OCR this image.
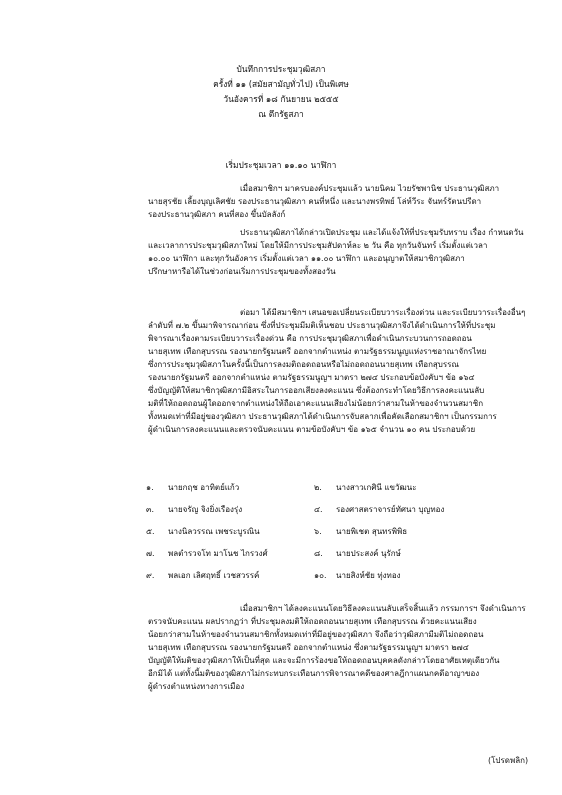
บันทึกการประชุมวุฒิสภา
ครั้งที่ ๑๑ (สมัยสามัญทั่วไป) เป็นพิเศษ
วันอังคารที่ ๑๘ กันยายน ๒๕๕๕
ณ ตึกรัฐสภา
เริ่มประชุมเวลา ๑๑.๑๐ นาฬิกา
เมื่อสมาชิกฯ มาครบองค์ประชุมแล้ว นายนิคม ไวยรัชพานิช ประธานวุฒิสภา
นายสุรชัย เลี้ยงบุญเลิศชัย รองประธานวุฒิสภา คนที่หนึ่ง และนางพรทิพย์ โล่ห์วีระ จันทร์รัตนปรีดา
รองประธานวุฒิสภา คนที่สอง ขึ้นบัลลังก์
ประธานวุฒิสภาได้กล่าวเปิดประชุม และได้แจ้งให้ที่ประชุมรับทราบ เรื่อง กำหนดวัน
และเวลาการประชุมวุฒิสภาใหม่ โดยให้มีการประชุมสัปดาห์ละ ๒ วัน คือ ทุกวันจันทร์ เริ่มตั้งแต่เวลา
๑๐.๐๐ นาฬิกา และทุกวันอังคาร เริ่มตั้งแต่เวลา ๑๑.๐๐ นาฬิกา และอนุญาตให้สมาชิกวุฒิสภา
ปรึกษาหารือได้ในช่วงก่อนเริ่มการประชุมของทั้งสองวัน
ต่อมา ได้มีสมาชิกฯ เสนอขอเปลี่ยนระเบียบวาระเรื่องด่วน และระเบียบวาระเรื่องอื่นๆ
ลำดับที่ ๗.๒ ขึ้นมาพิจารณาก่อน ซึ่งที่ประชุมมีมติเห็นชอบ ประธานวุฒิสภาจึงได้ดำเนินการให้ที่ประชุม
พิจารณาเรื่องตามระเบียบวาระเรื่องด่วน คือ การประชุมวุฒิสภาเพื่อดำเนินกระบวนการถอดถอน
นายสุเทพ เทือกสุบรรณ รองนายกรัฐมนตรี ออกจากตำแหน่ง ตามรัฐธรรมนูญแห่งราชอาณาจักรไทย
ซึ่งการประชุมวุฒิสภาในครั้งนี้เป็นการลงมติถอดถอนหรือไม่ถอดถอนนายสุเทพ เทือกสุบรรณ
รองนายกรัฐมนตรี ออกจากตำแหน่ง ตามรัฐธรรมนูญฯ มาตรา ๒๗๔ ประกอบข้อบังคับฯ ข้อ ๑๖๔
ซึ่งบัญญัติให้สมาชิกวุฒิสภามีอิสระในการออกเสียงลงคะแนน ซึ่งต้องกระทำโดยวิธีการลงคะแนนลับ
มติที่ให้ถอดถอนผู้ใดออกจากตำแหน่งให้ถือเอาคะแนนเสียงไม่น้อยกว่าสามในห้าของจำนวนสมาชิก
ทั้งหมดเท่าที่มีอยู่ของวุฒิสภา ประธานวุฒิสภาได้ดำเนินการจับสลากเพื่อคัดเลือกสมาชิกฯ เป็นกรรมการ
ผู้ดำเนินการลงคะแนนและตรวจนับคะแนน ตามข้อบังคับฯ ข้อ ๑๖๕ จำนวน ๑๐ คน ประกอบด้วย
๑. นายกฤช อาทิตย์แก้ว	๒. นางสาวเกศินี แขวัฒนะ
๓. นายจรัญ จิงยิ่งเรืองรุ่ง	๔. รองศาสตราจารย์ทัศนา บุญทอง
๕. นางนิลวรรณ เพชระบูรณิน	๖. นายพิเชต สุนทรพิพิธ
๗. พลตำรวจโท มาโนช ไกรวงศ์	๘. นายประสงค์ นุรักษ์
๙. พลเอก เลิศฤทธิ์ เวชสวรรค์	๑๐. นายสิงห์ชัย ทุ่งทอง
เมื่อสมาชิกฯ ได้ลงคะแนนโดยวิธีลงคะแนนลับเสร็จสิ้นแล้ว กรรมการฯ จึงดำเนินการ
ตรวจนับคะแนน ผลปรากฏว่า ที่ประชุมลงมติให้ถอดถอนนายสุเทพ เทือกสุบรรณ ด้วยคะแนนเสียง
น้อยกว่าสามในห้าของจำนวนสมาชิกทั้งหมดเท่าที่มีอยู่ของวุฒิสภา จึงถือว่าวุฒิสภามีมติไม่ถอดถอน
นายสุเทพ เทือกสุบรรณ รองนายกรัฐมนตรี ออกจากตำแหน่ง ซึ่งตามรัฐธรรมนูญฯ มาตรา ๒๗๔
บัญญัติให้มติของวุฒิสภาให้เป็นที่สุด และจะมีการร้องขอให้ถอดถอนบุคคลดังกล่าวโดยอาศัยเหตุเดียวกัน
อีกมิได้ แต่ทั้งนี้มติของวุฒิสภาไม่กระทบกระเทือนการพิจารณาคดีของศาลฎีกาแผนกคดีอาญาของ
ผู้ดำรงตำแหน่งทางการเมือง
(โปรดพลิก)
